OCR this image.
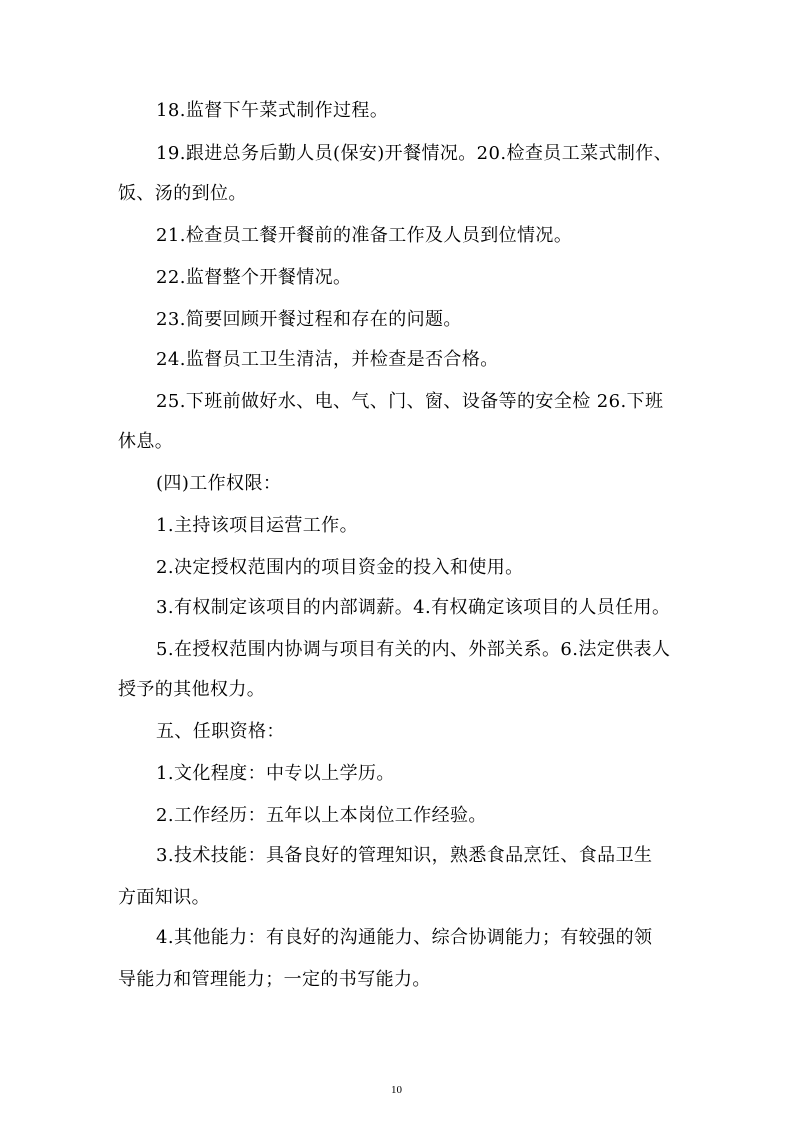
18.监督下午菜式制作过程。
19.跟进总务后勤人员(保安)开餐情况。20.检查员工菜式制作、
饭、汤的到位。
21.检查员工餐开餐前的准备工作及人员到位情况。
22.监督整个开餐情况。
23.简要回顾开餐过程和存在的问题。
24.监督员工卫生清洁，并检查是否合格。
25.下班前做好水、电、气、门、窗、设备等的安全检 26.下班
休息。
(四)工作权限：
1.主持该项目运营工作。
2.决定授权范围内的项目资金的投入和使用。
3.有权制定该项目的内部调薪。4.有权确定该项目的人员任用。
5.在授权范围内协调与项目有关的内、外部关系。6.法定供表人
授予的其他权力。
五、任职资格：
1.文化程度：中专以上学历。
2.工作经历：五年以上本岗位工作经验。
3.技术技能：具备良好的管理知识，熟悉食品烹饪、食品卫生
方面知识。
4.其他能力：有良好的沟通能力、综合协调能力；有较强的领
导能力和管理能力；一定的书写能力。
10
